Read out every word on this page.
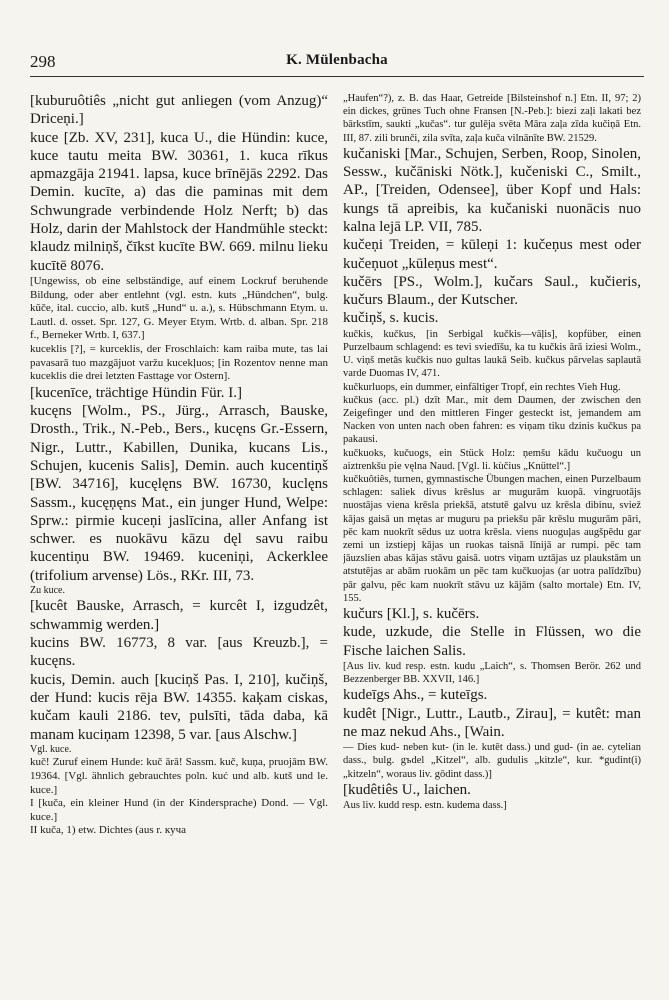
298	K. Mülenbacha

[kuburuôtiês „nicht gut anliegen (vom Anzug)“ Driceņi.]

kuce [Zb. XV, 231], kuca U., die Hündin: kuce, kuce tautu meita BW. 30361, 1. kuca rīkus apmazgāja 21941. lapsa, kuce brīnējās 2292. Das Demin. kucīte, a) das die paminas mit dem Schwungrade verbindende Holz Nerft; b) das Holz, darin der Mahlstock der Handmühle steckt: klaudz milniņš, čīkst kucīte BW. 669. milnu lieku kucītē 8076.

[Ungewiss, ob eine selbständige, auf einem Lockruf beruhende Bildung, oder aber entlehnt (vgl. estn. kuts „Hündchen“, bulg. kŭče, ital. cuccio, alb. kutš „Hund“ u. a.), s. Hübschmann Etym. u. Lautl. d. osset. Spr. 127, G. Meyer Etym. Wrtb. d. alban. Spr. 218 f., Berneker Wrtb. I, 637.]

kuceklis [?], = kurceklis, der Froschlaich: kam raiba mute, tas lai pavasarā tuo mazgājuot varžu kucekļuos; [in Rozentov nenne man kuceklis die drei letzten Fasttage vor Ostern].

[kucenīce, trächtige Hündin Für. I.]

kucęns [Wolm., PS., Jürg., Arrasch, Bauske, Drosth., Trik., N.-Peb., Bers., kucęns Gr.-Essern, Nigr., Luttr., Kabillen, Dunika, kucans Lis., Schujen, kucenis Salis], Demin. auch kucentiņš [BW. 34716], kucęlęns BW. 16730, kuclęns Sassm., kucęņęns Mat., ein junger Hund, Welpe: Sprw.: pirmie kuceņi jaslīcina, aller Anfang ist schwer. es nuokāvu kāzu dęl savu raibu kucentiņu BW. 19469. kuceniņi, Ackerklee (trifolium arvense) Lös., RKr. III, 73.

Zu kuce.

[kucêt Bauske, Arrasch, = kurcêt I, izgudzêt, schwammig werden.]

kucins BW. 16773, 8 var. [aus Kreuzb.], = kucęns.

kucis, Demin. auch [kuciņš Pas. I, 210], kučiņš, der Hund: kucis rēja BW. 14355. kaķam ciskas, kučam kauli 2186. tev, pulsīti, tāda daba, kā manam kuciņam 12398, 5 var. [aus Alschw.]

Vgl. kuce.

kuč! Zuruf einem Hunde: kuč ārā! Sassm. kuč, kuņa, pruojām BW. 19364. [Vgl. ähnlich gebrauchtes poln. kuć und alb. kutš und le. kuce.]

I [kuča, ein kleiner Hund (in der Kindersprache) Dond. — Vgl. kuce.]

II kuča, 1) etw. Dichtes (aus r. кучa

„Haufen“?), z. B. das Haar, Getreide [Bilsteinshof n.] Etn. II, 97; 2) ein dickes, grünes Tuch ohne Fransen [N.-Peb.]: biezi zaļi lakati bez bārkstīm, saukti „kučas“. tur gulēja svēta Māra zaļa zīda kučiņā Etn. III, 87. zili brunči, zila svīta, zaļa kuča vilnānīte BW. 21529.

kučaniski [Mar., Schujen, Serben, Roop, Sinolen, Sessw., kučāniski Nötk.], kučeniski C., Smilt., AP., [Treiden, Odensee], über Kopf und Hals: kungs tā apreibis, ka kučaniski nuonācis nuo kalna lejā LP. VII, 785.

kučeņi Treiden, = kūleņi 1: kučeņus mest oder kučeņuot „kūleņus mest“.

kučērs [PS., Wolm.], kučars Saul., kučieris, kučurs Blaum., der Kutscher.

kučiņš, s. kucis.

kučkis, kučkus, [in Serbigal kučkis—vāļis], kopfüber, einen Purzelbaum schlagend: es tevi sviedīšu, ka tu kučkis ārā iziesi Wolm., U. viņš metās kučkis nuo gultas laukā Seib. kučkus pārvelas saplautā varde Duomas IV, 471.

kučkurluops, ein dummer, einfältiger Tropf, ein rechtes Vieh Hug.

kučkus (acc. pl.) dzīt Mar., mit dem Daumen, der zwischen den Zeigefinger und den mittleren Finger gesteckt ist, jemandem am Nacken von unten nach oben fahren: es viņam tiku dzinis kučkus pa pakausi.

kučkuoks, kučuogs, ein Stück Holz: ņemšu kādu kučuogu un aiztrenkšu pie vęlna Naud. [Vgl. li. kùčius „Knüttel“.]

kučkuôtiês, turnen, gymnastische Übungen machen, einen Purzelbaum schlagen: saliek divus krēslus ar mugurām kuopā. vingruotājs nuostājas viena krēsla priekšā, atstutē galvu uz krēsla dibinu, sviež kājas gaisā un mętas ar muguru pa priekšu pār krēslu mugurām pāri, pēc kam nuokrīt sēdus uz uotra krēsla. viens nuoguļas augšpēdu gar zemi un izstiepj kājas un ruokas taisnā līnijā ar rumpi. pēc tam jāuzslien abas kājas stāvu gaisā. uotrs viņam uztājas uz plaukstām un atstutējas ar abām ruokām un pēc tam kučkuojas (ar uotra palīdzību) pār galvu, pēc kam nuokrīt stāvu uz kājām (salto mortale) Etn. IV, 155.

kučurs [Kl.], s. kučērs.

kude, uzkude, die Stelle in Flüssen, wo die Fische laichen Salis.

[Aus liv. kud resp. estn. kudu „Laich“, s. Thomsen Berör. 262 und Bezzenberger BB. XXVII, 146.]

kudeīgs Ahs., = kuteīgs.

kudêt [Nigr., Luttr., Lautb., Zirau], = kutêt: man ne maz nekud Ahs., [Wain.

— Dies kud- neben kut- (in le. kutēt dass.) und gud- (in ae. cytelian dass., bulg. gъdel „Kitzel“, alb. gudulis „kitzle“, kur. *gudint(i) „kitzeln“, woraus liv. gōdint dass.)]

[kudêtiês U., laichen.

Aus liv. kudd resp. estn. kudema dass.]
